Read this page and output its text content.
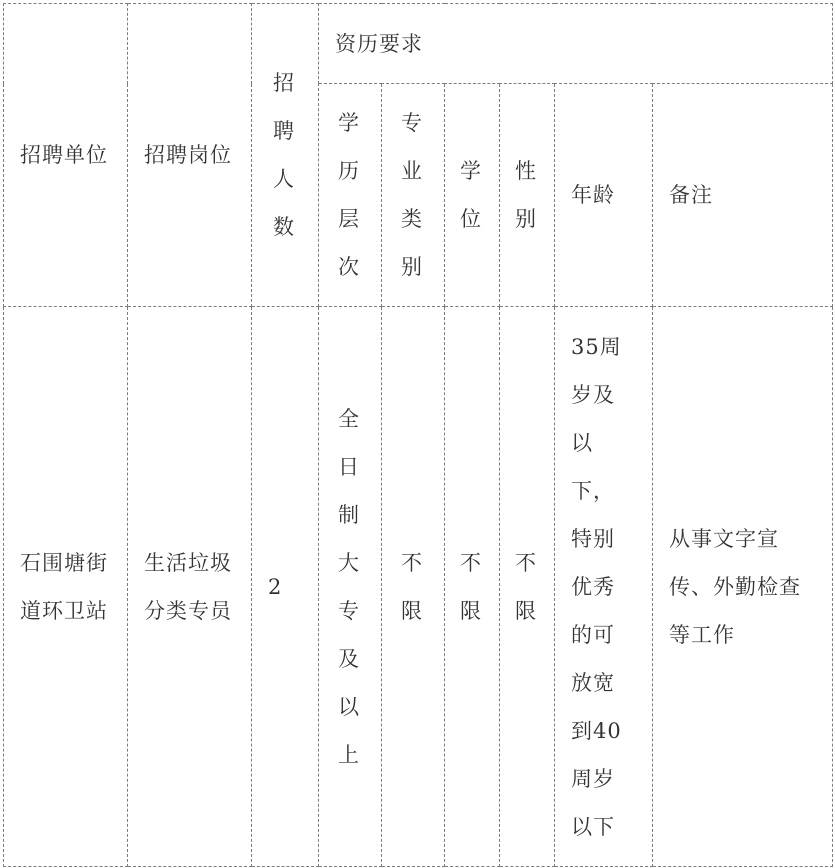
招聘单位	招聘岗位	招聘人数	资历要求					
			学历层次	专业类别	学位	性别	年龄	备注
石围塘街道环卫站	生活垃圾分类专员	2	全日制大专及以上	不限	不限	不限	35周岁及以下，特别优秀的可放宽到40周岁以下	从事文字宣传、外勤检查等工作
